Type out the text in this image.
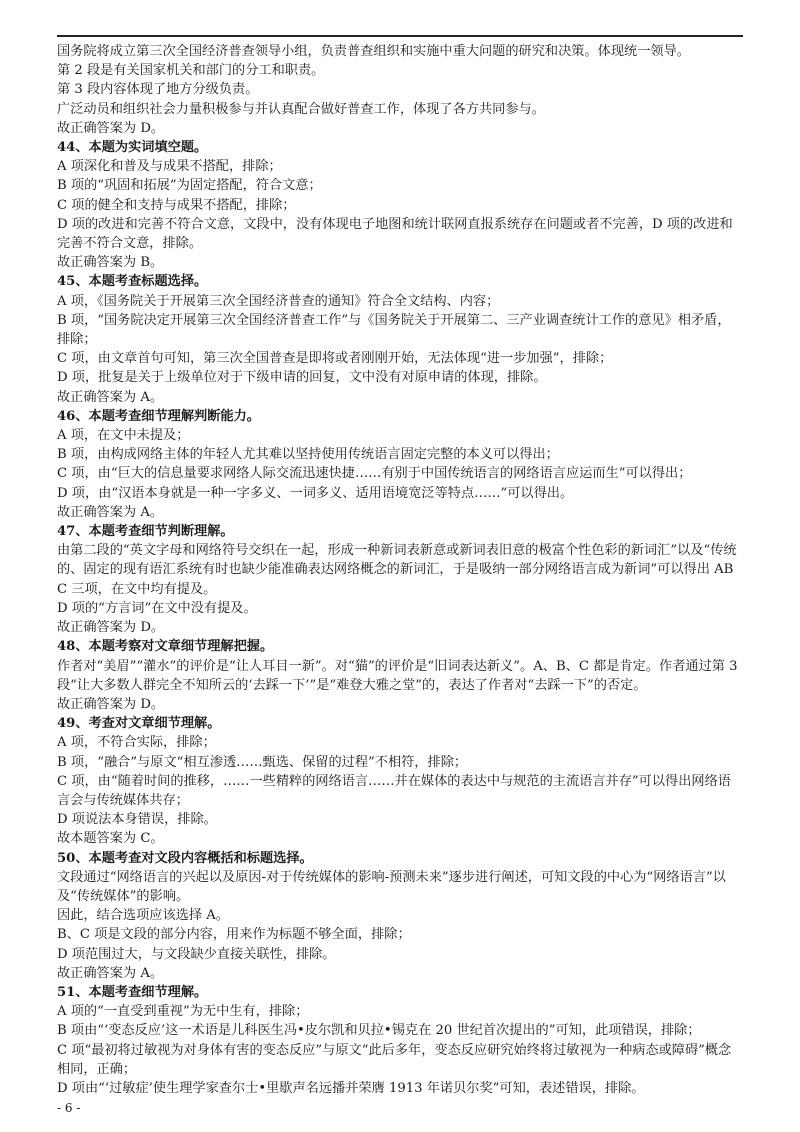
国务院将成立第三次全国经济普查领导小组，负责普查组织和实施中重大问题的研究和决策。体现统一领导。

第 2 段是有关国家机关和部门的分工和职责。

第 3 段内容体现了地方分级负责。

广泛动员和组织社会力量积极参与并认真配合做好普查工作，体现了各方共同参与。

故正确答案为 D。

44、本题为实词填空题。

A 项深化和普及与成果不搭配，排除；

B 项的“巩固和拓展”为固定搭配，符合文意；

C 项的健全和支持与成果不搭配，排除；

D 项的改进和完善不符合文意，文段中，没有体现电子地图和统计联网直报系统存在问题或者不完善，D 项的改进和完善不符合文意，排除。

故正确答案为 B。

45、本题考查标题选择。

A 项，《国务院关于开展第三次全国经济普查的通知》符合全文结构、内容；

B 项，“国务院决定开展第三次全国经济普查工作”与《国务院关于开展第二、三产业调查统计工作的意见》相矛盾，排除；

C 项，由文章首句可知，第三次全国普查是即将或者刚刚开始，无法体现“进一步加强”，排除；

D 项，批复是关于上级单位对于下级申请的回复，文中没有对原申请的体现，排除。

故正确答案为 A。

46、本题考查细节理解判断能力。

A 项，在文中未提及；

B 项，由构成网络主体的年轻人尤其难以坚持使用传统语言固定完整的本义可以得出；

C 项，由“巨大的信息量要求网络人际交流迅速快捷……有别于中国传统语言的网络语言应运而生”可以得出；

D 项，由“汉语本身就是一种一字多义、一词多义、适用语境宽泛等特点……”可以得出。

故正确答案为 A。

47、本题考查细节判断理解。

由第二段的“英文字母和网络符号交织在一起，形成一种新词表新意或新词表旧意的极富个性色彩的新词汇”以及“传统的、固定的现有语汇系统有时也缺少能准确表达网络概念的新词汇，于是吸纳一部分网络语言成为新词”可以得出 ABC 三项，在文中均有提及。

D 项的“方言词”在文中没有提及。

故正确答案为 D。

48、本题考察对文章细节理解把握。

作者对“美眉”“灌水”的评价是“让人耳目一新”。对“猫”的评价是“旧词表达新义”。A、B、C 都是肯定。作者通过第 3 段“让大多数人群完全不知所云的‘去踩一下’”是“难登大雅之堂”的，表达了作者对“去踩一下”的否定。

故正确答案为 D。

49、考查对文章细节理解。

A 项，不符合实际，排除；

B 项，“融合”与原文“相互渗透……甄选、保留的过程”不相符，排除；

C 项，由“随着时间的推移，……一些精粹的网络语言……并在媒体的表达中与规范的主流语言并存”可以得出网络语言会与传统媒体共存；

D 项说法本身错误，排除。

故本题答案为 C。

50、本题考查对文段内容概括和标题选择。

文段通过“网络语言的兴起以及原因-对于传统媒体的影响-预测未来”逐步进行阐述，可知文段的中心为“网络语言”以及“传统媒体”的影响。

因此，结合选项应该选择 A。

B、C 项是文段的部分内容，用来作为标题不够全面，排除；

D 项范围过大，与文段缺少直接关联性，排除。

故正确答案为 A。

51、本题考查细节理解。

A 项的“一直受到重视”为无中生有，排除；

B 项由“‘变态反应’这一术语是儿科医生冯•皮尔凯和贝拉•锡克在 20 世纪首次提出的”可知，此项错误，排除；

C 项“最初将过敏视为对身体有害的变态反应”与原文“此后多年，变态反应研究始终将过敏视为一种病态或障碍”概念相同，正确；

D 项由“‘过敏症’使生理学家查尔士•里歇声名远播并荣膺 1913 年诺贝尔奖”可知，表述错误，排除。

- 6 -
